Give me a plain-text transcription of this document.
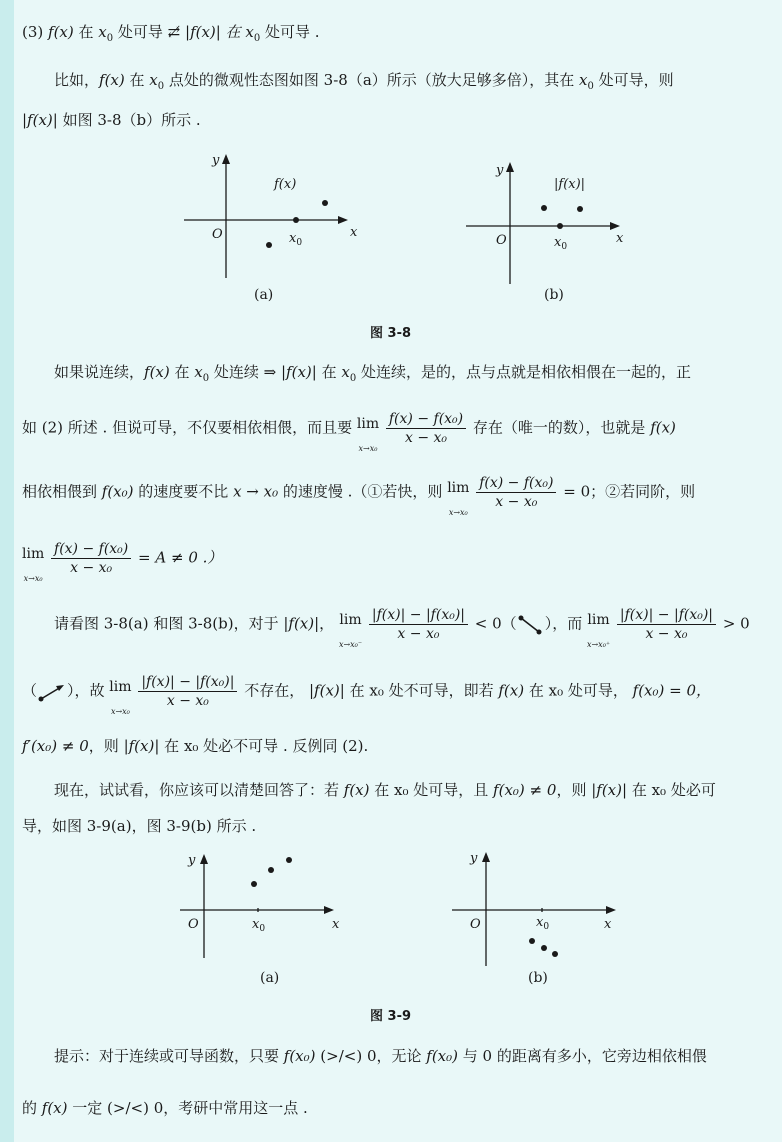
(3) f(x) 在 $x_0$ 处可导 ⇄̸ |f(x)| 在 $x_0$ 处可导 .
比如，f(x) 在 $x_0$ 点处的微观性态图如图 3-8（a）所示（放大足够多倍），其在 $x_0$ 处可导，则
|f(x)| 如图 3-8（b）所示 .
y
x
O	$x_0$
f(x)
(a)
y
x
O	$x_0$
|f(x)|
(b)
图 3-8
如果说连续，f(x) 在 $x_0$ 处连续 ⇒ |f(x)| 在 $x_0$ 处连续，是的，点与点就是相依相偎在一起的，正
如 (2) 所述 . 但说可导，不仅要相依相偎，而且要 lim
x→x₀

$\frac{\text{f(x) − f(x₀)}}{\text{x − x₀}}$ 存在（唯一的数），也就是 f(x)
相依相偎到 f(x₀) 的速度要不比 x → x₀ 的速度慢 .（①若快，则 lim
x→x₀

$\frac{\text{f(x) − f(x₀)}}{\text{x − x₀}} = 0$；②若同阶，则
lim
x→x₀

$\frac{\text{f(x) − f(x₀)}}{\text{x − x₀}} = A \ne 0$ .）
请看图 3-8(a) 和图 3-8(b)，对于 |f(x)|， lim
x→x₀⁻

$\frac{\text{|f(x)| − |f(x₀)|}}{\text{x − x₀}} < 0$（ ），而 lim
x→x₀⁺

$\frac{\text{|f(x)| − |f(x₀)|}}{\text{x − x₀}} > 0$
（ ），故 lim
x→x₀

$\frac{\text{|f(x)| − |f(x₀)|}}{\text{x − x₀}}$ 不存在， |f(x)| 在 x₀ 处不可导，即若 f(x) 在 x₀ 处可导， f(x₀) = 0，
f′(x₀) ≠ 0，则 |f(x)| 在 x₀ 处必不可导 . 反例同 (2).
现在，试试看，你应该可以清楚回答了：若 f(x) 在 x₀ 处可导，且 f(x₀) ≠ 0，则 |f(x)| 在 x₀ 处必可
导，如图 3-9(a)，图 3-9(b) 所示 .
y
x
O	$x_0$
(a)
y
x
O	$x_0$
(b)
图 3-9
提示：对于连续或可导函数，只要 f(x₀) (>/<) 0，无论 f(x₀) 与 0 的距离有多小，它旁边相依相偎
的 f(x) 一定 (>/<) 0，考研中常用这一点 .
